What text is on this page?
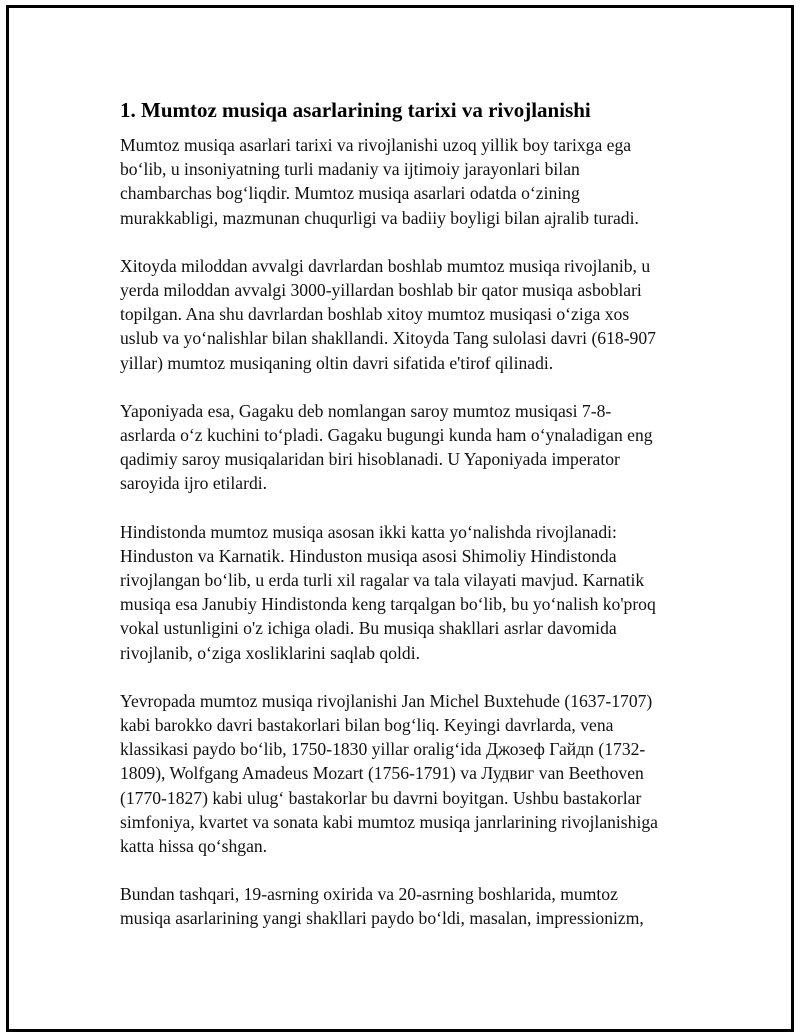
1. Mumtoz musiqa asarlarining tarixi va rivojlanishi

Mumtoz musiqa asarlari tarixi va rivojlanishi uzoq yillik boy tarixga ega
bo‘lib, u insoniyatning turli madaniy va ijtimoiy jarayonlari bilan
chambarchas bog‘liqdir. Mumtoz musiqa asarlari odatda o‘zining
murakkabligi, mazmunan chuqurligi va badiiy boyligi bilan ajralib turadi.

Xitoyda miloddan avvalgi davrlardan boshlab mumtoz musiqa rivojlanib, u
yerda miloddan avvalgi 3000-yillardan boshlab bir qator musiqa asboblari
topilgan. Ana shu davrlardan boshlab xitoy mumtoz musiqasi o‘ziga xos
uslub va yo‘nalishlar bilan shakllandi. Xitoyda Tang sulolasi davri (618-907
yillar) mumtoz musiqaning oltin davri sifatida e'tirof qilinadi.

Yaponiyada esa, Gagaku deb nomlangan saroy mumtoz musiqasi 7-8-
asrlarda o‘z kuchini to‘pladi. Gagaku bugungi kunda ham o‘ynaladigan eng
qadimiy saroy musiqalaridan biri hisoblanadi. U Yaponiyada imperator
saroyida ijro etilardi.

Hindistonda mumtoz musiqa asosan ikki katta yo‘nalishda rivojlanadi:
Hinduston va Karnatik. Hinduston musiqa asosi Shimoliy Hindistonda
rivojlangan bo‘lib, u erda turli xil ragalar va tala vilayati mavjud. Karnatik
musiqa esa Janubiy Hindistonda keng tarqalgan bo‘lib, bu yo‘nalish ko'proq
vokal ustunligini o'z ichiga oladi. Bu musiqa shakllari asrlar davomida
rivojlanib, o‘ziga xosliklarini saqlab qoldi.

Yevropada mumtoz musiqa rivojlanishi Jan Michel Buxtehude (1637-1707)
kabi barokko davri bastakorlari bilan bog‘liq. Keyingi davrlarda, vena
klassikasi paydo bo‘lib, 1750-1830 yillar oralig‘ida Джозеф Гайдn (1732-
1809), Wolfgang Amadeus Mozart (1756-1791) va Лудвиг van Beethoven
(1770-1827) kabi ulug‘ bastakorlar bu davrni boyitgan. Ushbu bastakorlar
simfoniya, kvartet va sonata kabi mumtoz musiqa janrlarining rivojlanishiga
katta hissa qo‘shgan.

Bundan tashqari, 19-asrning oxirida va 20-asrning boshlarida, mumtoz
musiqa asarlarining yangi shakllari paydo bo‘ldi, masalan, impressionizm,
